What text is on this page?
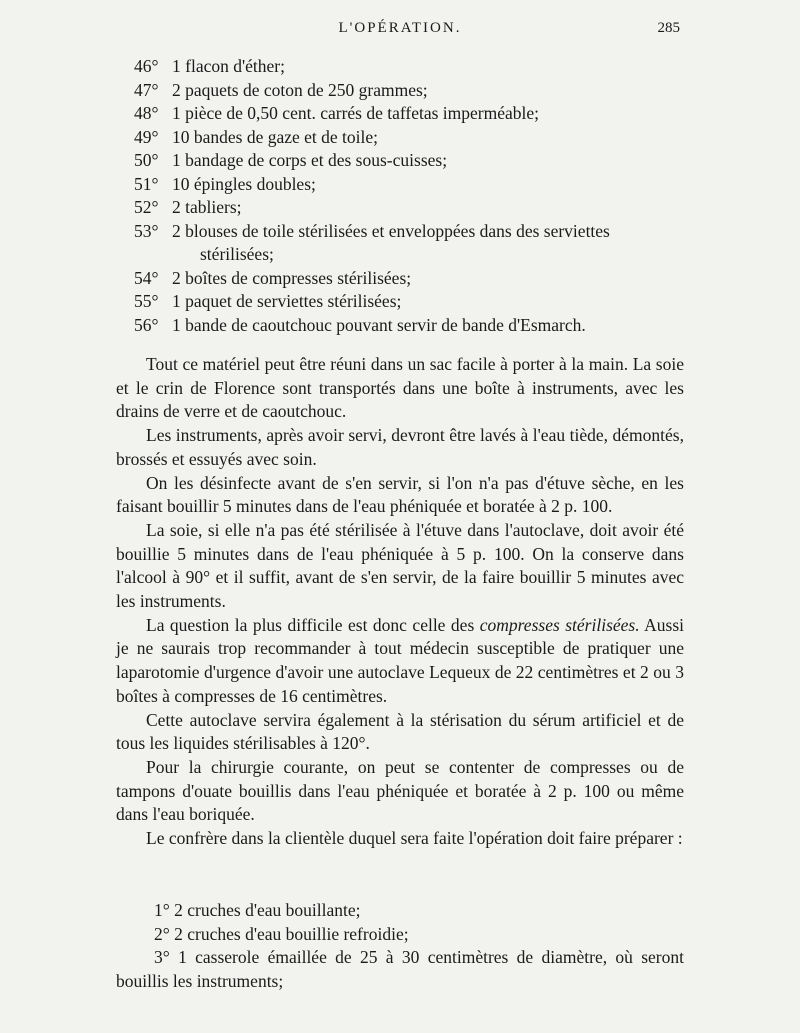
L'OPÉRATION.	285
46° 1 flacon d'éther;
47° 2 paquets de coton de 250 grammes;
48° 1 pièce de 0,50 cent. carrés de taffetas imperméable;
49° 10 bandes de gaze et de toile;
50° 1 bandage de corps et des sous-cuisses;
51° 10 épingles doubles;
52° 2 tabliers;
53° 2 blouses de toile stérilisées et enveloppées dans des serviettes
stérilisées;
54° 2 boîtes de compresses stérilisées;
55° 1 paquet de serviettes stérilisées;
56° 1 bande de caoutchouc pouvant servir de bande d'Esmarch.

Tout ce matériel peut être réuni dans un sac facile à porter à la main. La soie et le crin de Florence sont transportés dans une boîte à instruments, avec les drains de verre et de caoutchouc.

Les instruments, après avoir servi, devront être lavés à l'eau tiède, démontés, brossés et essuyés avec soin.

On les désinfecte avant de s'en servir, si l'on n'a pas d'étuve sèche, en les faisant bouillir 5 minutes dans de l'eau phéniquée et boratée à 2 p. 100.

La soie, si elle n'a pas été stérilisée à l'étuve dans l'autoclave, doit avoir été bouillie 5 minutes dans de l'eau phéniquée à 5 p. 100. On la conserve dans l'alcool à 90° et il suffit, avant de s'en servir, de la faire bouillir 5 minutes avec les instruments.

La question la plus difficile est donc celle des compresses stérilisées. Aussi je ne saurais trop recommander à tout médecin susceptible de pratiquer une laparotomie d'urgence d'avoir une autoclave Lequeux de 22 centimètres et 2 ou 3 boîtes à compresses de 16 centimètres.

Cette autoclave servira également à la stérisation du sérum artificiel et de tous les liquides stérilisables à 120°.

Pour la chirurgie courante, on peut se contenter de compresses ou de tampons d'ouate bouillis dans l'eau phéniquée et boratée à 2 p. 100 ou même dans l'eau boriquée.

Le confrère dans la clientèle duquel sera faite l'opération doit faire préparer :

1° 2 cruches d'eau bouillante;

2° 2 cruches d'eau bouillie refroidie;

3° 1 casserole émaillée de 25 à 30 centimètres de diamètre, où seront bouillis les instruments;
